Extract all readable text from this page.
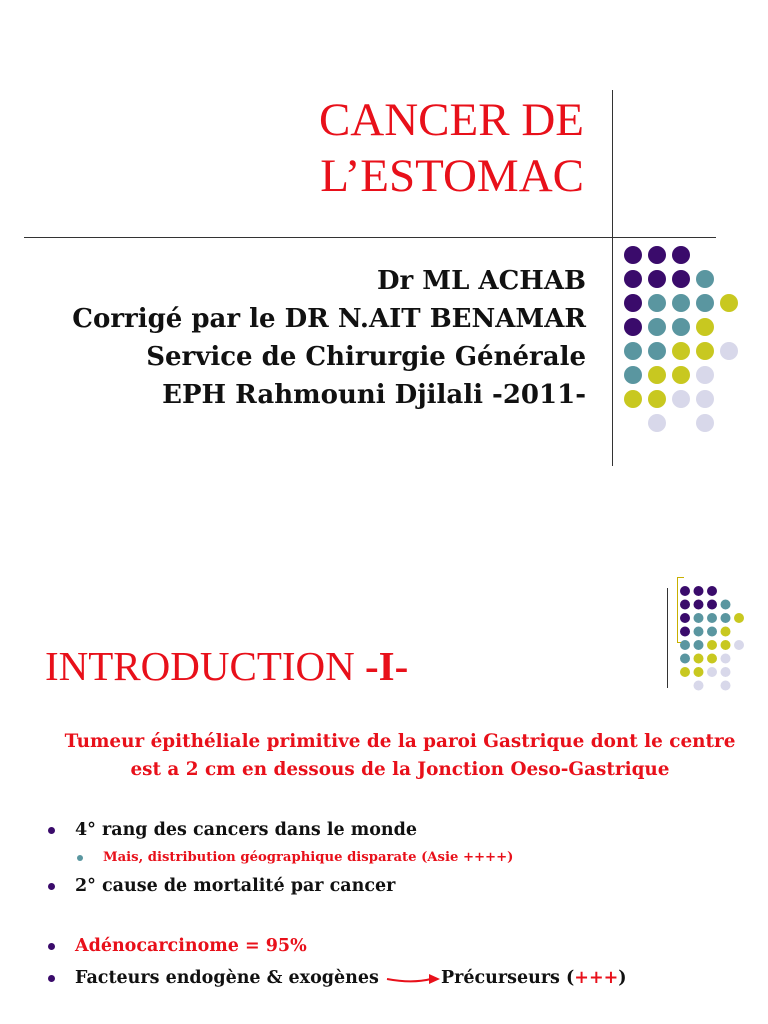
CANCER DE
L’ESTOMAC
Dr ML ACHAB
Corrigé par le DR N.AIT BENAMAR
Service de Chirurgie Générale
EPH Rahmouni Djilali -2011-
INTRODUCTION -I-
Tumeur épithéliale primitive de la paroi Gastrique dont le centre
est a 2 cm en dessous de la Jonction Oeso-Gastrique
4° rang des cancers dans le monde
Mais, distribution géographique disparate (Asie ++++)
2° cause de mortalité par cancer
Adénocarcinome = 95%
Facteurs endogène & exogènes	Précurseurs (+++)
